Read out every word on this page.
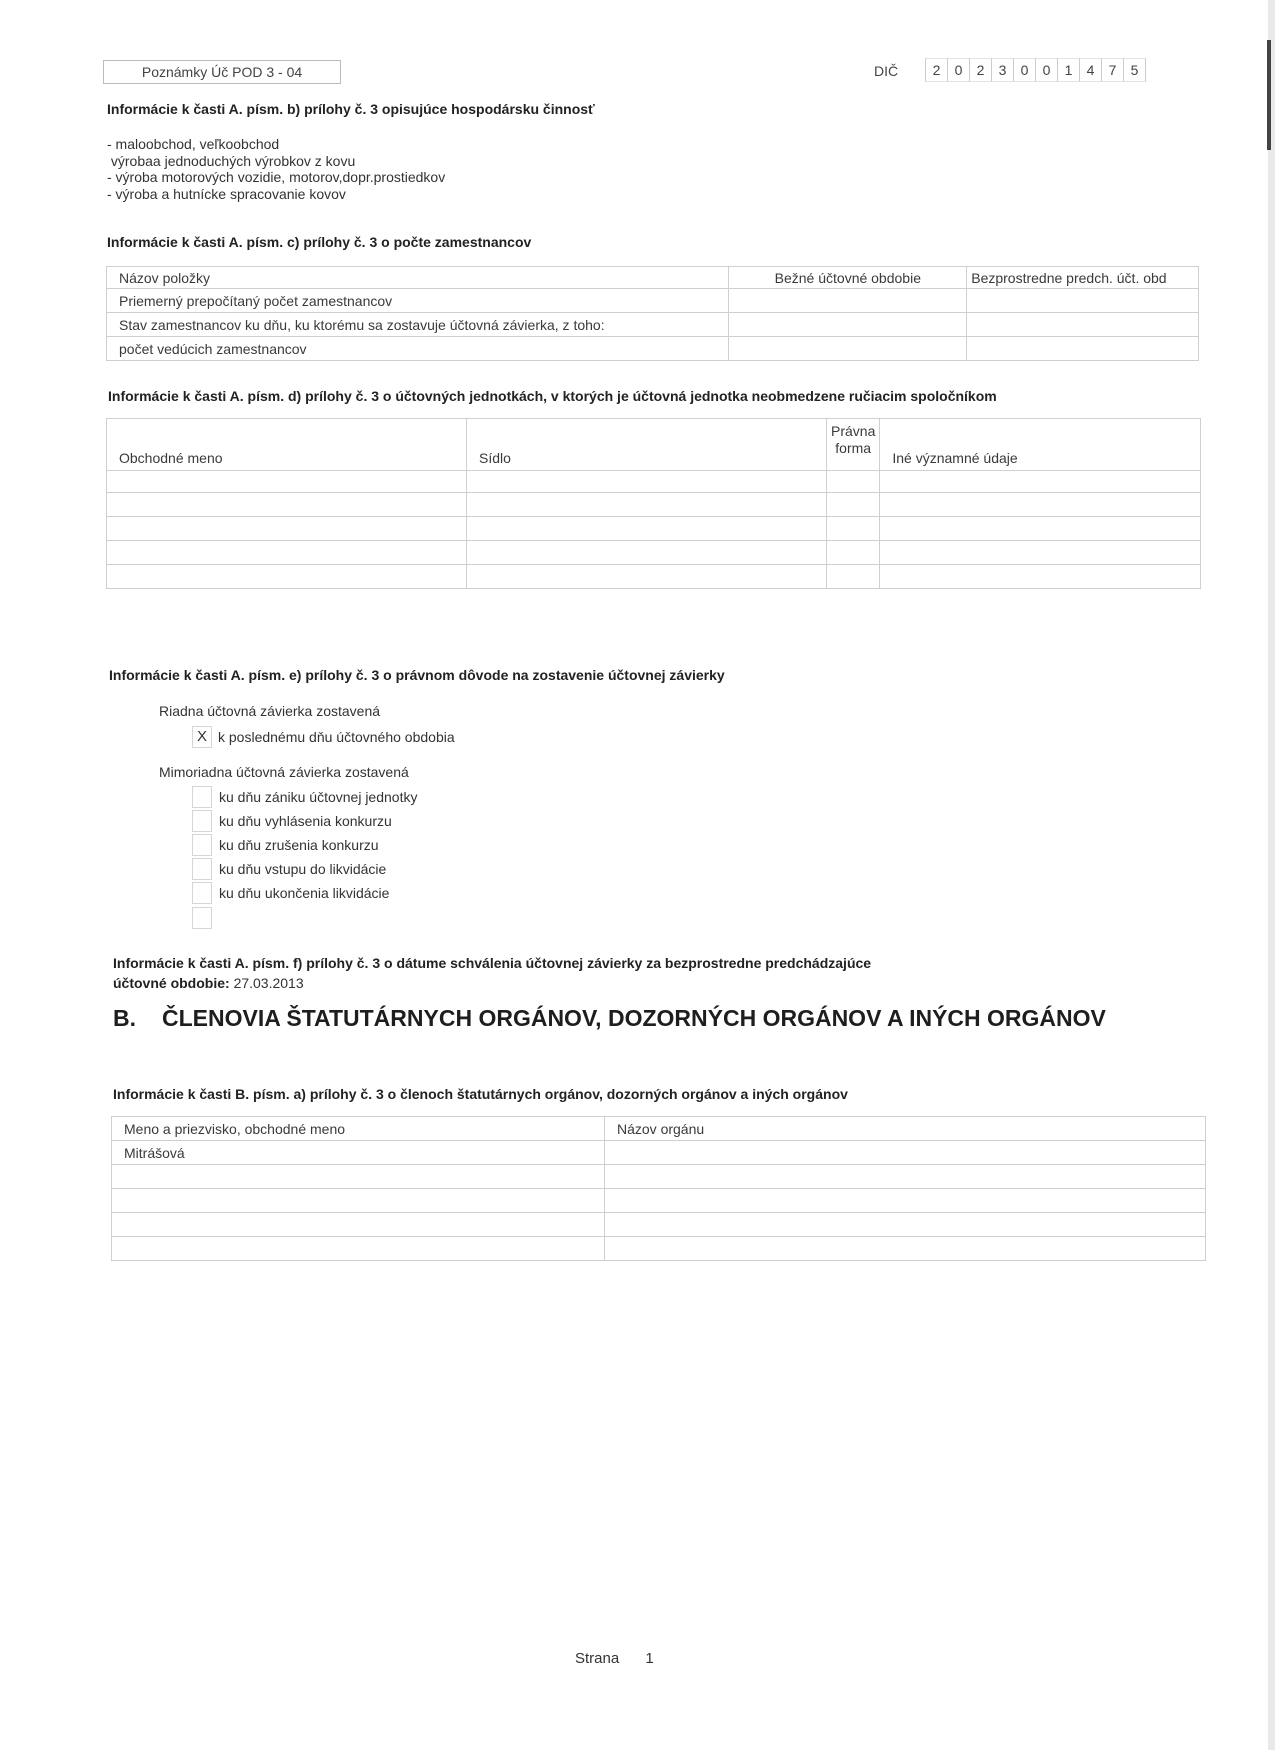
Poznámky Úč POD 3 - 04	DIČ	2	0	2	3	0	0	1	4	7	5
Informácie k časti A. písm. b) prílohy č. 3 opisujúce hospodársku činnosť
- maloobchod, veľkoobchod
výrobaa jednoduchých výrobkov z kovu
- výroba motorových vozidie, motorov,dopr.prostiedkov
- výroba a hutnícke spracovanie kovov
Informácie k časti A. písm. c) prílohy č. 3 o počte zamestnancov
Názov položky	Bežné účtovné obdobie	Bezprostredne predch. účt. obd
Priemerný prepočítaný počet zamestnancov		
Stav zamestnancov ku dňu, ku ktorému sa zostavuje účtovná závierka, z toho:		
počet vedúcich zamestnancov		
Informácie k časti A. písm. d) prílohy č. 3 o účtovných jednotkách, v ktorých je účtovná jednotka neobmedzene ručiacim spoločníkom
Obchodné meno	Sídlo	Právna
forma	Iné významné údaje

Informácie k časti A. písm. e) prílohy č. 3 o právnom dôvode na zostavenie účtovnej závierky
Riadna účtovná závierka zostavená
X k poslednému dňu účtovného obdobia
Mimoriadna účtovná závierka zostavená
ku dňu zániku účtovnej jednotky
ku dňu vyhlásenia konkurzu
ku dňu zrušenia konkurzu
ku dňu vstupu do likvidácie
ku dňu ukončenia likvidácie
Informácie k časti A. písm. f) prílohy č. 3 o dátume schválenia účtovnej závierky za bezprostredne predchádzajúce
účtovné obdobie: 27.03.2013
B. ČLENOVIA ŠTATUTÁRNYCH ORGÁNOV, DOZORNÝCH ORGÁNOV A INÝCH ORGÁNOV
Informácie k časti B. písm. a) prílohy č. 3 o členoch štatutárnych orgánov, dozorných orgánov a iných orgánov
Meno a priezvisko, obchodné meno	Názov orgánu
Mitrášová	

Strana 1
